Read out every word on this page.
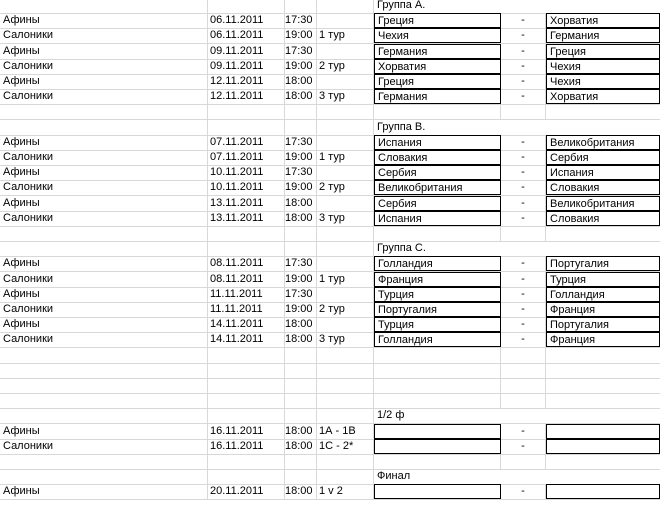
Группа А.
Афины	06.11.2011	17:30	Греция	-	Хорватия
Салоники	06.11.2011	19:00 1 тур	Чехия	-	Германия
Афины	09.11.2011	17:30	Германия	-	Греция
Салоники	09.11.2011	19:00 2 тур	Хорватия	-	Чехия
Афины	12.11.2011	18:00	Греция	-	Чехия
Салоники	12.11.2011	18:00 3 тур	Германия	-	Хорватия
Группа В.
Афины	07.11.2011	17:30	Испания	-	Великобритания
Салоники	07.11.2011	19:00 1 тур	Словакия	-	Сербия
Афины	10.11.2011	17:30	Сербия	-	Испания
Салоники	10.11.2011	19:00 2 тур	Великобритания	-	Словакия
Афины	13.11.2011	18:00	Сербия	-	Великобритания
Салоники	13.11.2011	18:00 3 тур	Испания	-	Словакия
Группа С.
Афины	08.11.2011	17:30	Голландия	-	Португалия
Салоники	08.11.2011	19:00 1 тур	Франция	-	Турция
Афины	11.11.2011	17:30	Турция	-	Голландия
Салоники	11.11.2011	19:00 2 тур	Португалия	-	Франция
Афины	14.11.2011	18:00	Турция	-	Португалия
Салоники	14.11.2011	18:00 3 тур	Голландия	-	Франция
1/2 ф
Афины	16.11.2011	18:00 1А - 1В	-
Салоники	16.11.2011	18:00 1С - 2*	-
Финал
Афины	20.11.2011	18:00 1 v 2	-
